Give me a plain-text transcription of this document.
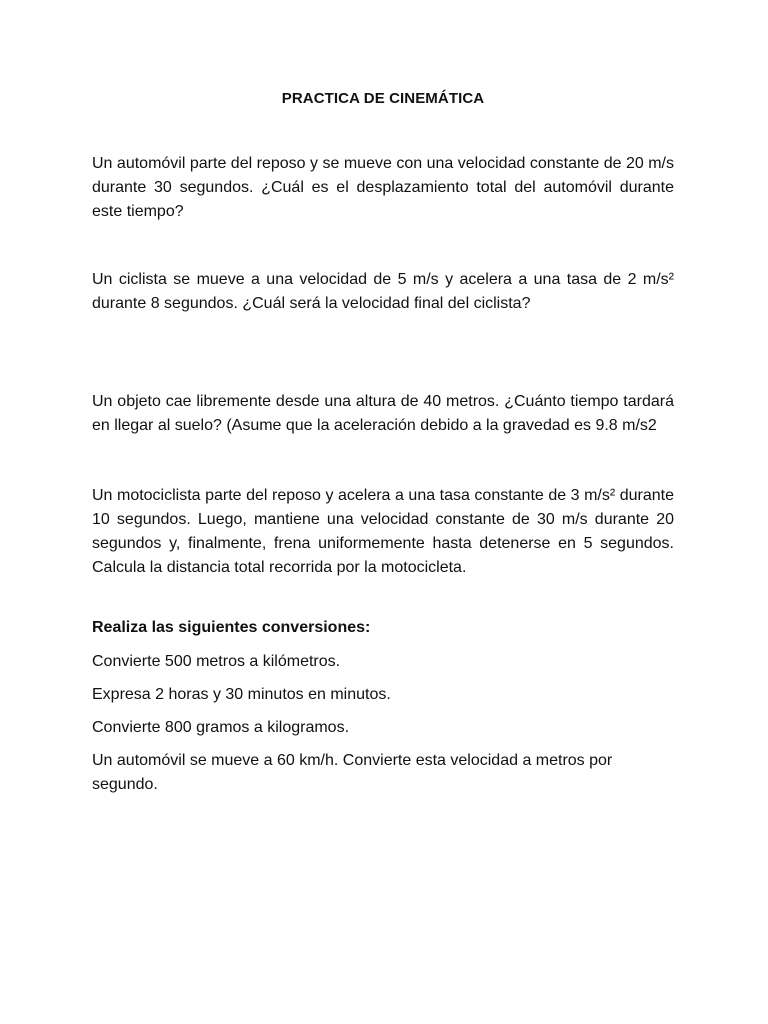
PRACTICA DE CINEMÁTICA

Un automóvil parte del reposo y se mueve con una velocidad constante de 20 m/s durante 30 segundos. ¿Cuál es el desplazamiento total del automóvil durante este tiempo?

Un ciclista se mueve a una velocidad de 5 m/s y acelera a una tasa de 2 m/s² durante 8 segundos. ¿Cuál será la velocidad final del ciclista?

Un objeto cae libremente desde una altura de 40 metros. ¿Cuánto tiempo tardará en llegar al suelo? (Asume que la aceleración debido a la gravedad es 9.8 m/s2

Un motociclista parte del reposo y acelera a una tasa constante de 3 m/s² durante 10 segundos. Luego, mantiene una velocidad constante de 30 m/s durante 20 segundos y, finalmente, frena uniformemente hasta detenerse en 5 segundos. Calcula la distancia total recorrida por la motocicleta.

Realiza las siguientes conversiones:
Convierte 500 metros a kilómetros.
Expresa 2 horas y 30 minutos en minutos.
Convierte 800 gramos a kilogramos.
Un automóvil se mueve a 60 km/h. Convierte esta velocidad a metros por segundo.
